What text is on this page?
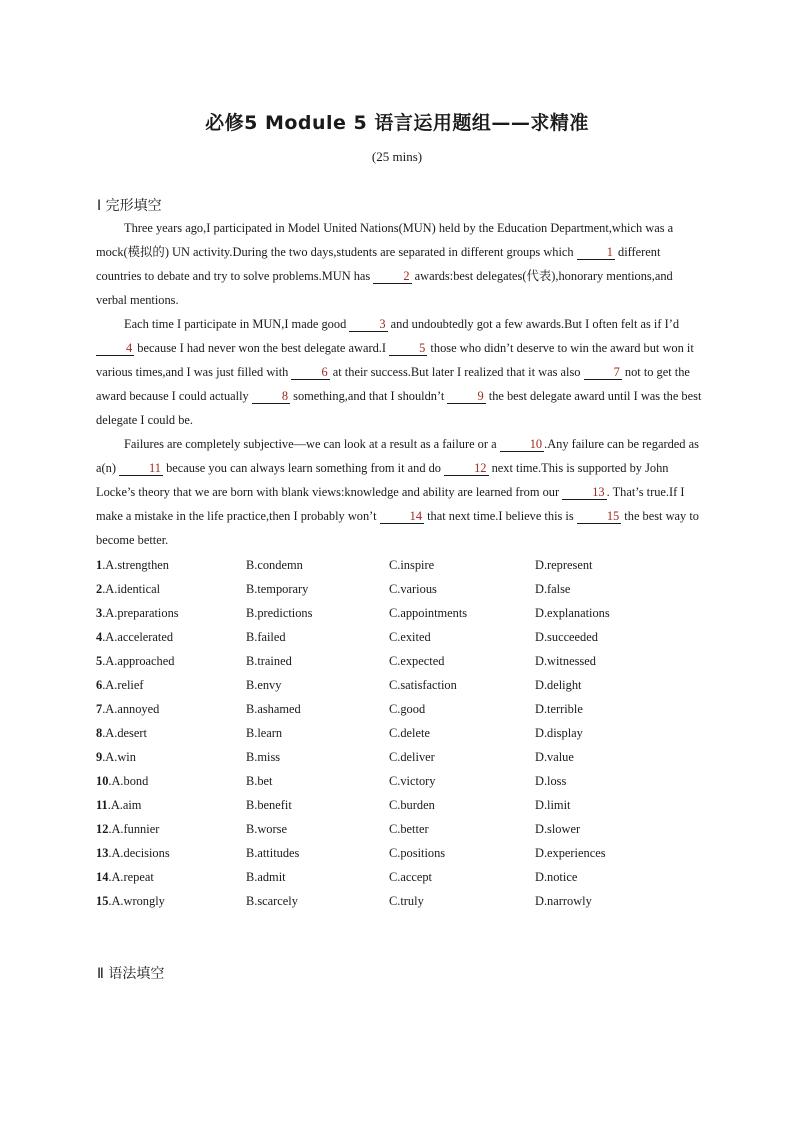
必修5 Module 5 语言运用题组——求精准
(25 mins)
Ⅰ 完形填空

Three years ago,I participated in Model United Nations(MUN) held by the Education Department,which was a mock(模拟的) UN activity.During the two days,students are separated in different groups which 1 different countries to debate and try to solve problems.MUN has 2 awards:best delegates(代表),honorary mentions,and verbal mentions.

Each time I participate in MUN,I made good 3 and undoubtedly got a few awards.But I often felt as if I’d 4 because I had never won the best delegate award.I 5 those who didn’t deserve to win the award but won it various times,and I was just filled with 6 at their success.But later I realized that it was also 7 not to get the award because I could actually 8 something,and that I shouldn’t 9 the best delegate award until I was the best delegate I could be.

Failures are completely subjective—we can look at a result as a failure or a 10 .Any failure can be regarded as a(n) 11 because you can always learn something from it and do 12 next time.This is supported by John Locke’s theory that we are born with blank views:knowledge and ability are learned from our 13 . That’s true.If I make a mistake in the life practice,then I probably won’t 14 that next time.I believe this is 15 the best way to become better.

1.A.strengthen	B.condemn	C.inspire	D.represent
2.A.identical	B.temporary	C.various	D.false
3.A.preparations	B.predictions	C.appointments	D.explanations
4.A.accelerated	B.failed	C.exited	D.succeeded
5.A.approached	B.trained	C.expected	D.witnessed
6.A.relief	B.envy	C.satisfaction	D.delight
7.A.annoyed	B.ashamed	C.good	D.terrible
8.A.desert	B.learn	C.delete	D.display
9.A.win	B.miss	C.deliver	D.value
10.A.bond	B.bet	C.victory	D.loss
11.A.aim	B.benefit	C.burden	D.limit
12.A.funnier	B.worse	C.better	D.slower
13.A.decisions	B.attitudes	C.positions	D.experiences
14.A.repeat	B.admit	C.accept	D.notice
15.A.wrongly	B.scarcely	C.truly	D.narrowly
Ⅱ 语法填空
